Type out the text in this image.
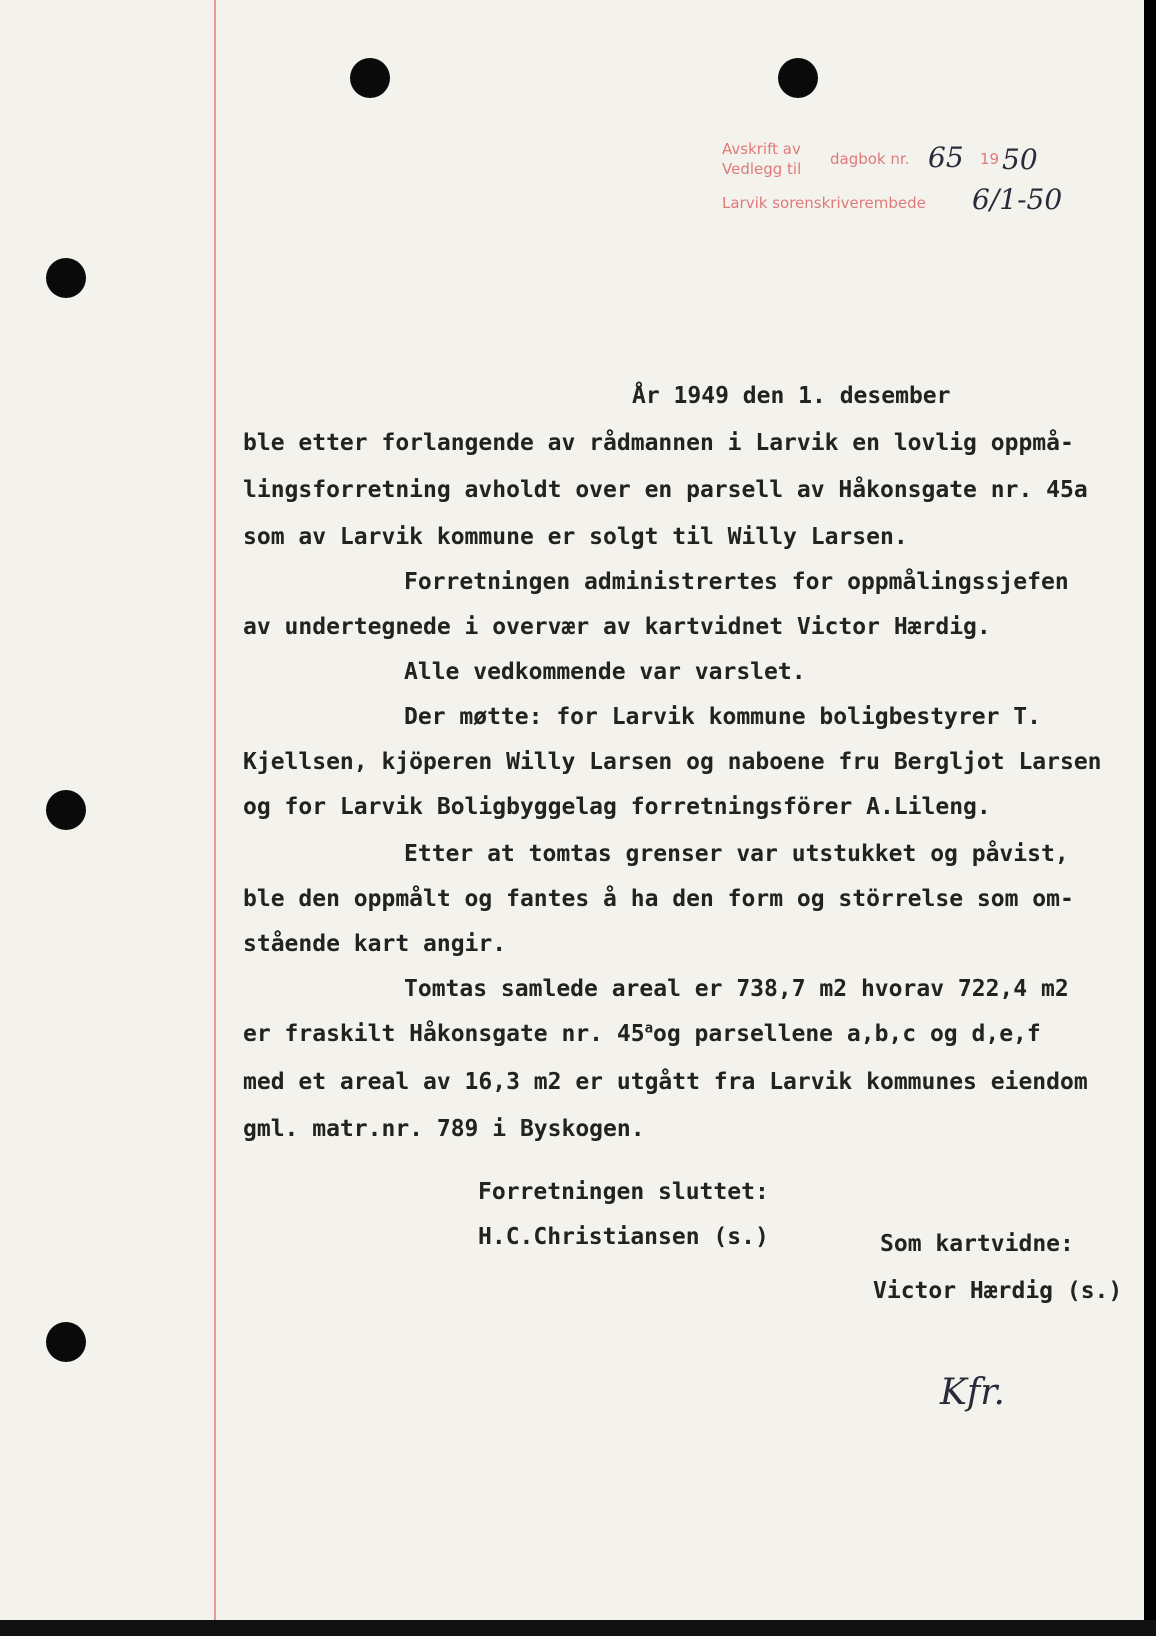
Avskrift av
Vedlegg til
dagbok nr.	19
Larvik sorenskriverembede
65 50
6/1-50
År 1949 den 1. desember
ble etter forlangende av rådmannen i Larvik en lovlig oppmå-
lingsforretning avholdt over en parsell av Håkonsgate nr. 45a
som av Larvik kommune er solgt til Willy Larsen.
Forretningen administrertes for oppmålingssjefen
av undertegnede i overvær av kartvidnet Victor Hærdig.
Alle vedkommende var varslet.
Der møtte: for Larvik kommune boligbestyrer T.
Kjellsen, kjöperen Willy Larsen og naboene fru Bergljot Larsen
og for Larvik Boligbyggelag forretningsförer A.Lileng.
Etter at tomtas grenser var utstukket og påvist,
ble den oppmålt og fantes å ha den form og störrelse som om-
stående kart angir.
Tomtas samlede areal er 738,7 m2 hvorav 722,4 m2
er fraskilt Håkonsgate nr. 45$^a$og parsellene a,b,c og d,e,f
med et areal av 16,3 m2 er utgått fra Larvik kommunes eiendom
gml. matr.nr. 789 i Byskogen.
Forretningen sluttet:
H.C.Christiansen (s.)	Som kartvidne:
Victor Hærdig (s.)
Kfr.
